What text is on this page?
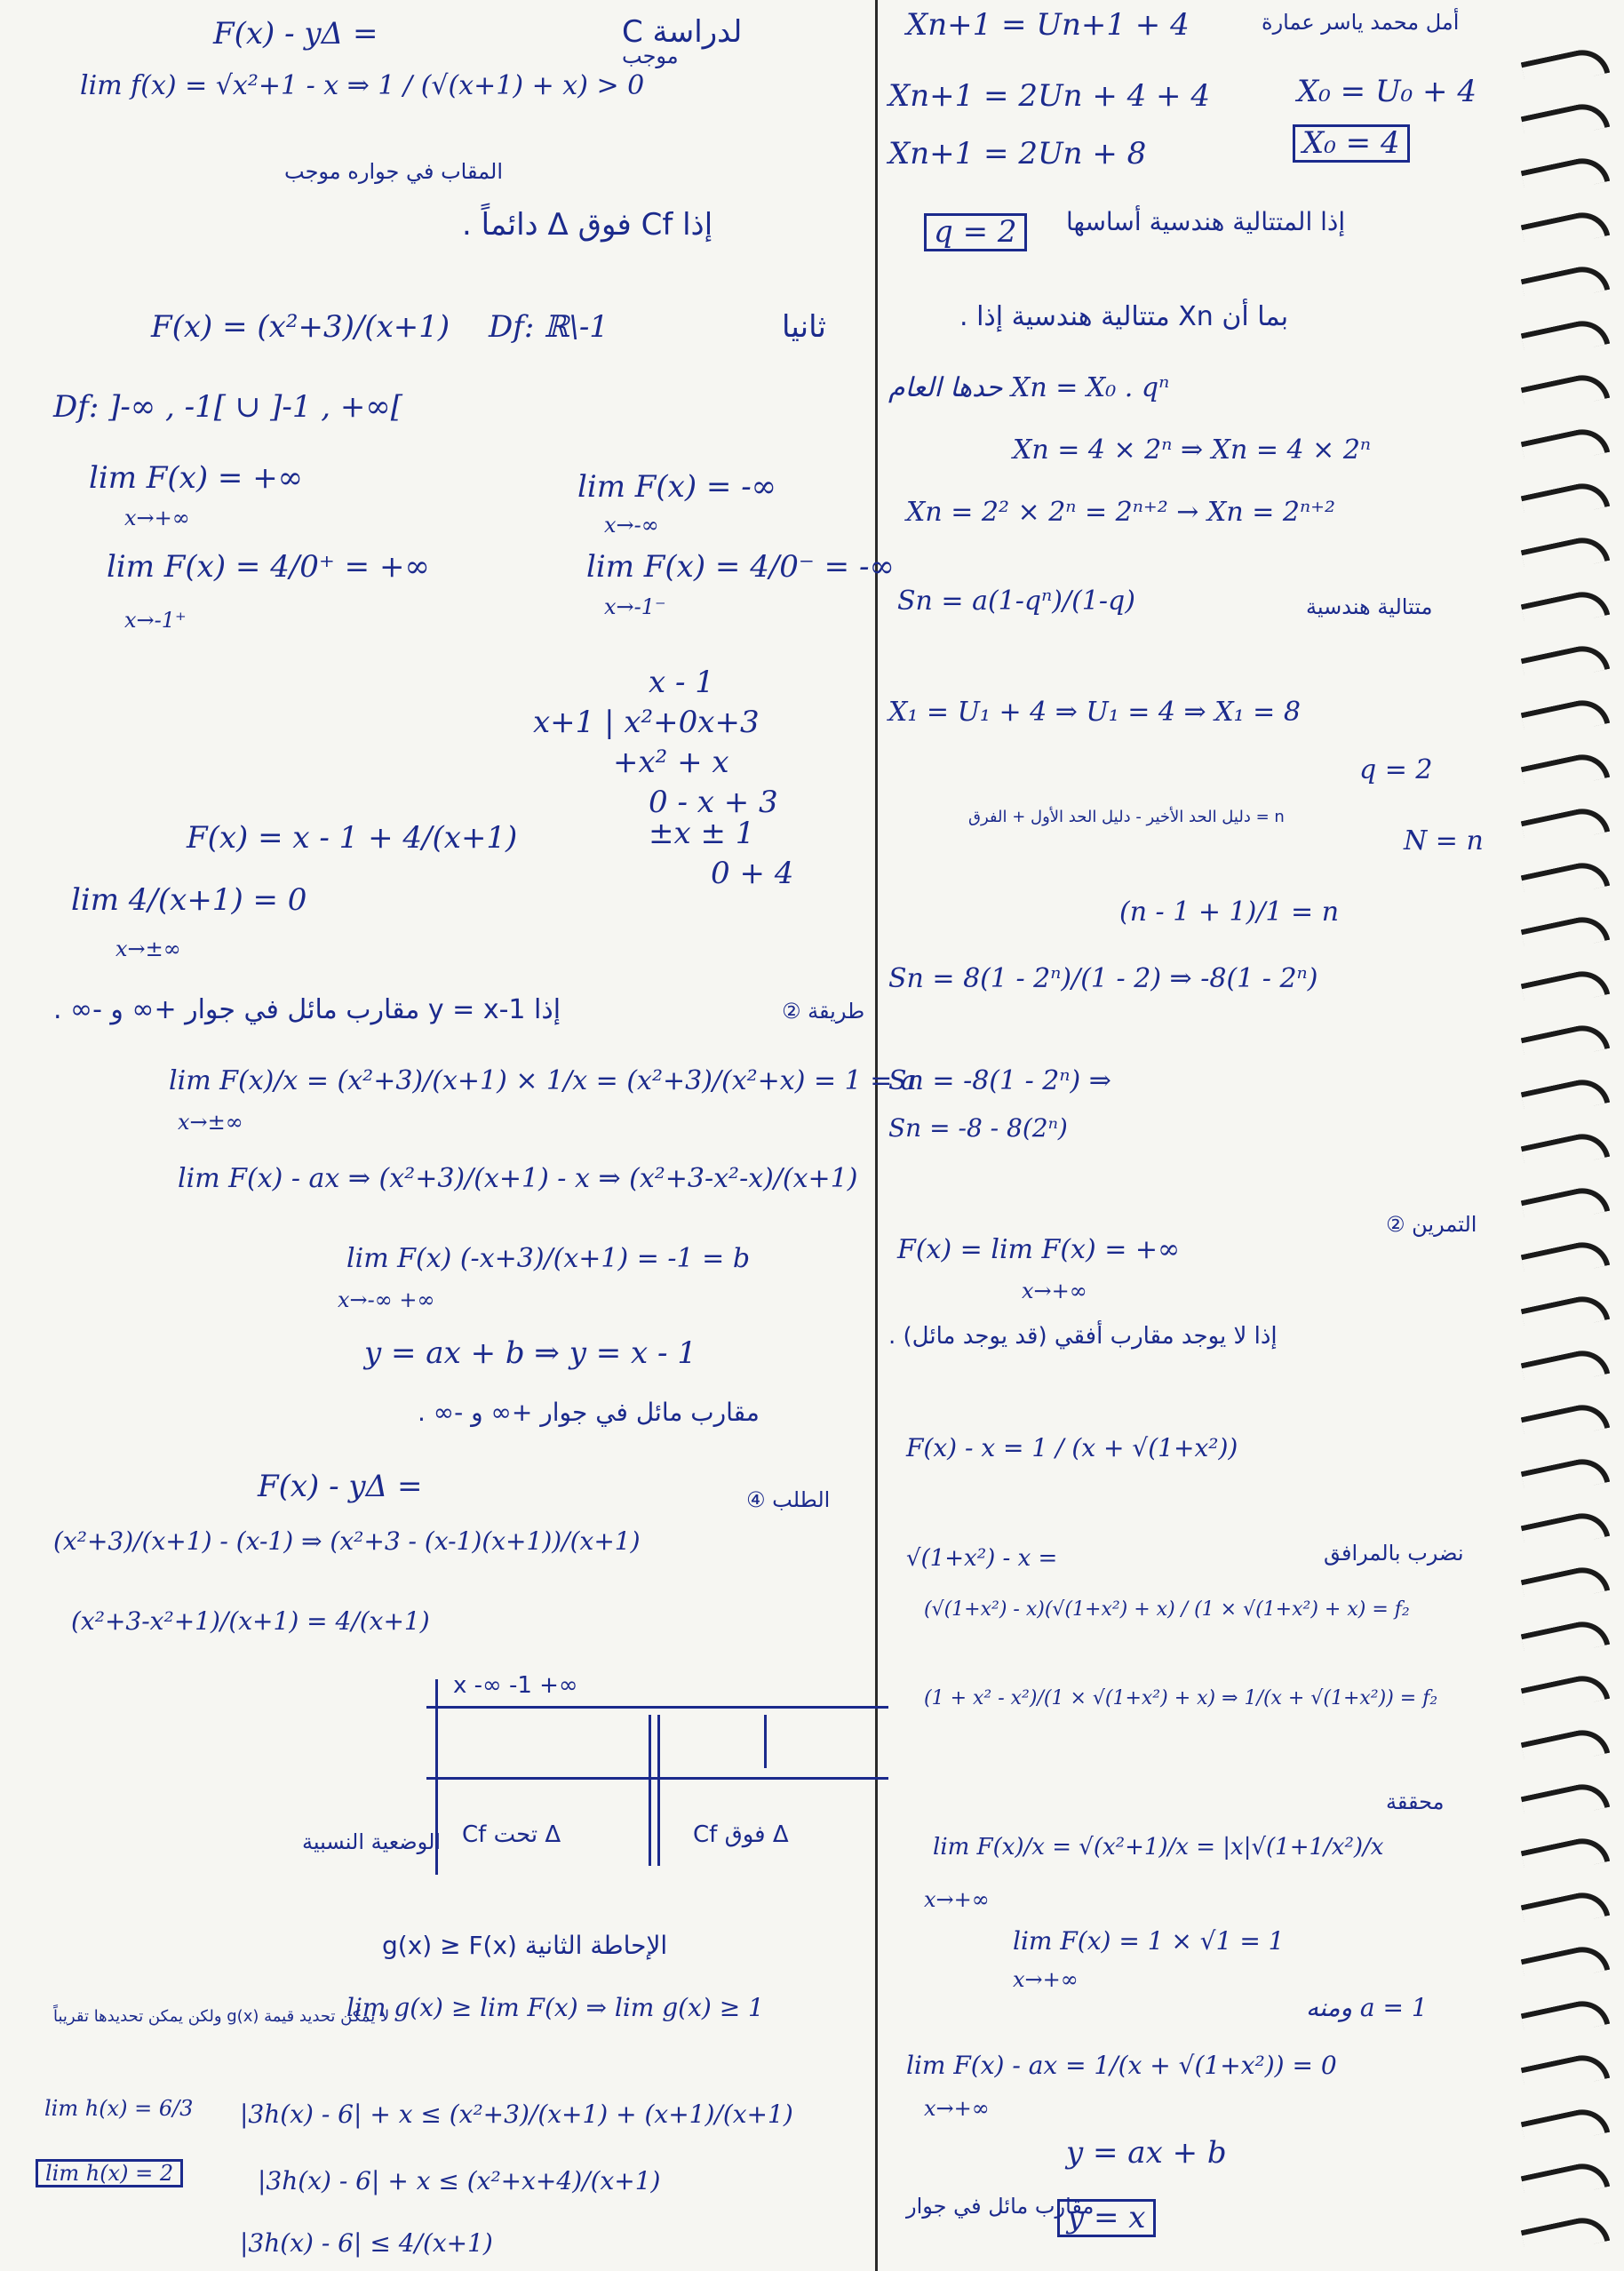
F(x) - yΔ =	لدراسة C
lim f(x) = √x²+1 - x ⇒ 1 / (√(x+1) + x) > 0
موجب
المقاب في جواره موجب
إذا Cf فوق Δ دائماً .
F(x) = (x²+3)/(x+1) Df: ℝ\-1	ثانيا
Df: ]-∞ , -1[ ∪ ]-1 , +∞[
lim F(x) = +∞
x→+∞
lim F(x) = -∞
x→-∞
lim F(x) = 4/0⁺ = +∞
x→-1⁺
lim F(x) = 4/0⁻ = -∞
x→-1⁻
x+1 | x²+0x+3
x - 1
+x² + x
0 - x + 3
±x ± 1
0 + 4
F(x) = x - 1 + 4/(x+1)
lim 4/(x+1) = 0
x→±∞
إذا y = x-1 مقارب مائل في جوار +∞ و -∞ .	طريقة ②
lim F(x)/x = (x²+3)/(x+1) × 1/x = (x²+3)/(x²+x) = 1 = a
x→±∞
lim F(x) - ax ⇒ (x²+3)/(x+1) - x ⇒ (x²+3-x²-x)/(x+1)
lim F(x) (-x+3)/(x+1) = -1 = b
x→-∞ +∞
y = ax + b ⇒ y = x - 1
مقارب مائل في جوار +∞ و -∞ .
F(x) - yΔ =	الطلب ④
(x²+3)/(x+1) - (x-1) ⇒ (x²+3 - (x-1)(x+1))/(x+1)
(x²+3-x²+1)/(x+1) = 4/(x+1)
x -∞ -1 +∞
Cf تحت Δ	Cf فوق Δ
الوضعية النسبية
الإحاطة الثانية g(x) ≥ F(x)
lim g(x) ≥ lim F(x) ⇒ lim g(x) ≥ 1
لا يمكن تحديد قيمة g(x) ولكن يمكن تحديدها تقريباً
lim h(x) = 6/3 |3h(x) - 6| + x ≤ (x²+3)/(x+1) + (x+1)/(x+1)
lim h(x) = 2	|3h(x) - 6| + x ≤ (x²+x+4)/(x+1)
|3h(x) - 6| ≤ 4/(x+1)
Xn+1 = Un+1 + 4	أمل محمد ياسر عمارة
Xn+1 = 2Un + 4 + 4	X₀ = U₀ + 4
Xn+1 = 2Un + 8	X₀ = 4
q = 2	إذا المتتالية هندسية أساسها
بما أن Xn متتالية هندسية إذا .
حدها العام Xn = X₀ . qⁿ
Xn = 4 × 2ⁿ ⇒ Xn = 4 × 2ⁿ
Xn = 2² × 2ⁿ = 2ⁿ⁺² → Xn = 2ⁿ⁺²
Sn = a(1-qⁿ)/(1-q)	متتالية هندسية
X₁ = U₁ + 4 ⇒ U₁ = 4 ⇒ X₁ = 8
q = 2
n = دليل الحد الأخير - دليل الحد الأول + الفرق
N = n
(n - 1 + 1)/1 = n
Sn = 8(1 - 2ⁿ)/(1 - 2) ⇒ -8(1 - 2ⁿ)
Sn = -8(1 - 2ⁿ) ⇒
Sn = -8 - 8(2ⁿ)
التمرين ②
F(x) = lim F(x) = +∞
x→+∞
إذا لا يوجد مقارب أفقي (قد يوجد مائل) .
F(x) - x = 1 / (x + √(1+x²))
نضرب بالمرافق
√(1+x²) - x =
(√(1+x²) - x)(√(1+x²) + x) / (1 × √(1+x²) + x) = f₂
(1 + x² - x²)/(1 × √(1+x²) + x) ⇒ 1/(x + √(1+x²)) = f₂
محققة
lim F(x)/x = √(x²+1)/x = |x|√(1+1/x²)/x
x→+∞
lim F(x) = 1 × √1 = 1
x→+∞
ومنه a = 1
lim F(x) - ax = 1/(x + √(1+x²)) = 0
x→+∞
y = ax + b
مقارب مائل في جوار
y = x
